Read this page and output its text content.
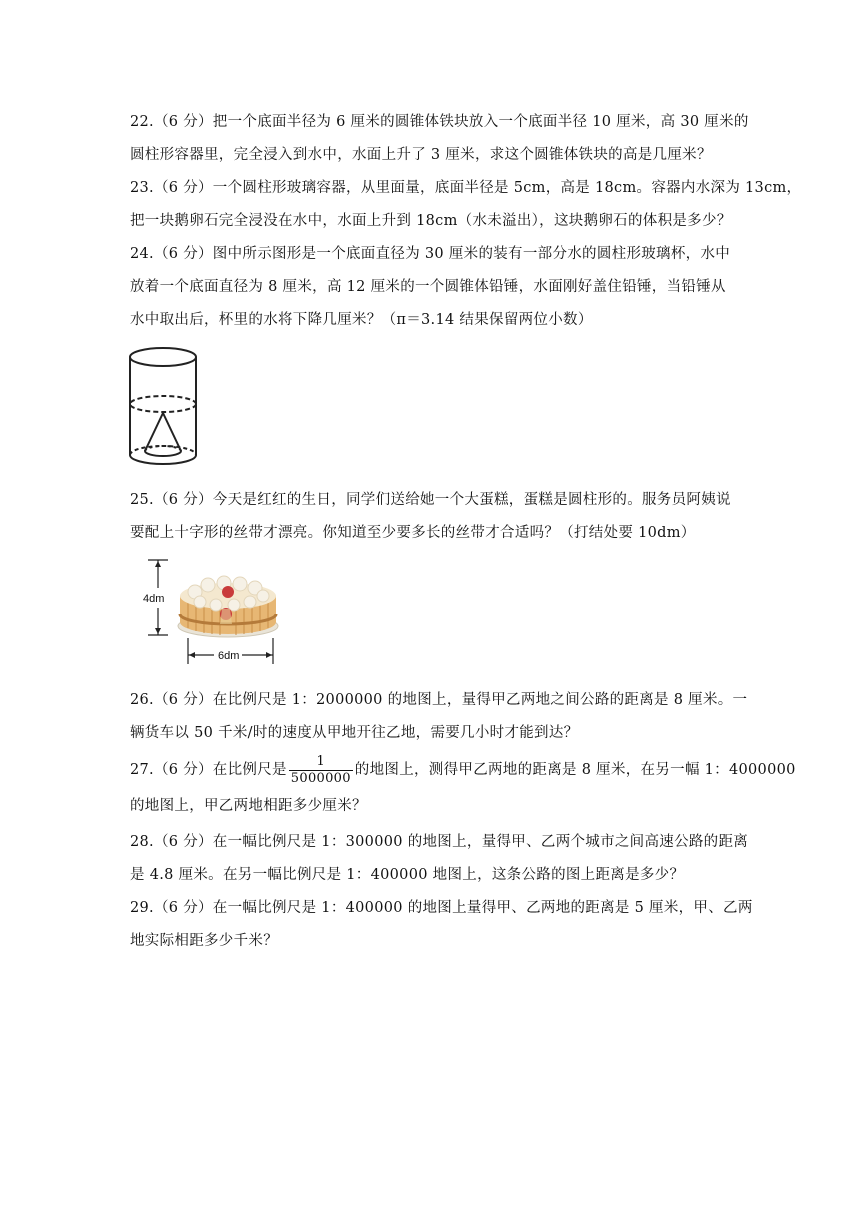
22.（6 分）把一个底面半径为 6 厘米的圆锥体铁块放入一个底面半径 10 厘米，高 30 厘米的

圆柱形容器里，完全浸入到水中，水面上升了 3 厘米，求这个圆锥体铁块的高是几厘米？

23.（6 分）一个圆柱形玻璃容器，从里面量，底面半径是 5cm，高是 18cm。容器内水深为 13cm，

把一块鹅卵石完全浸没在水中，水面上升到 18cm（水未溢出），这块鹅卵石的体积是多少？

24.（6 分）图中所示图形是一个底面直径为 30 厘米的装有一部分水的圆柱形玻璃杯，水中

放着一个底面直径为 8 厘米，高 12 厘米的一个圆锥体铅锤，水面刚好盖住铅锤，当铅锤从

水中取出后，杯里的水将下降几厘米？（π＝3.14 结果保留两位小数）

25.（6 分）今天是红红的生日，同学们送给她一个大蛋糕，蛋糕是圆柱形的。服务员阿姨说

要配上十字形的丝带才漂亮。你知道至少要多长的丝带才合适吗？（打结处要 10dm）

4dm
6dm

26.（6 分）在比例尺是 1：2000000 的地图上，量得甲乙两地之间公路的距离是 8 厘米。一

辆货车以 50 千米/时的速度从甲地开往乙地，需要几小时才能到达？

27.（6 分）在比例尺是 $\frac{1}{5000000}$ 的地图上，测得甲乙两地的距离是 8 厘米，在另一幅 1：4000000

的地图上，甲乙两地相距多少厘米？

28.（6 分）在一幅比例尺是 1：300000 的地图上，量得甲、乙两个城市之间高速公路的距离

是 4.8 厘米。在另一幅比例尺是 1：400000 地图上，这条公路的图上距离是多少？

29.（6 分）在一幅比例尺是 1：400000 的地图上量得甲、乙两地的距离是 5 厘米，甲、乙两

地实际相距多少千米？
